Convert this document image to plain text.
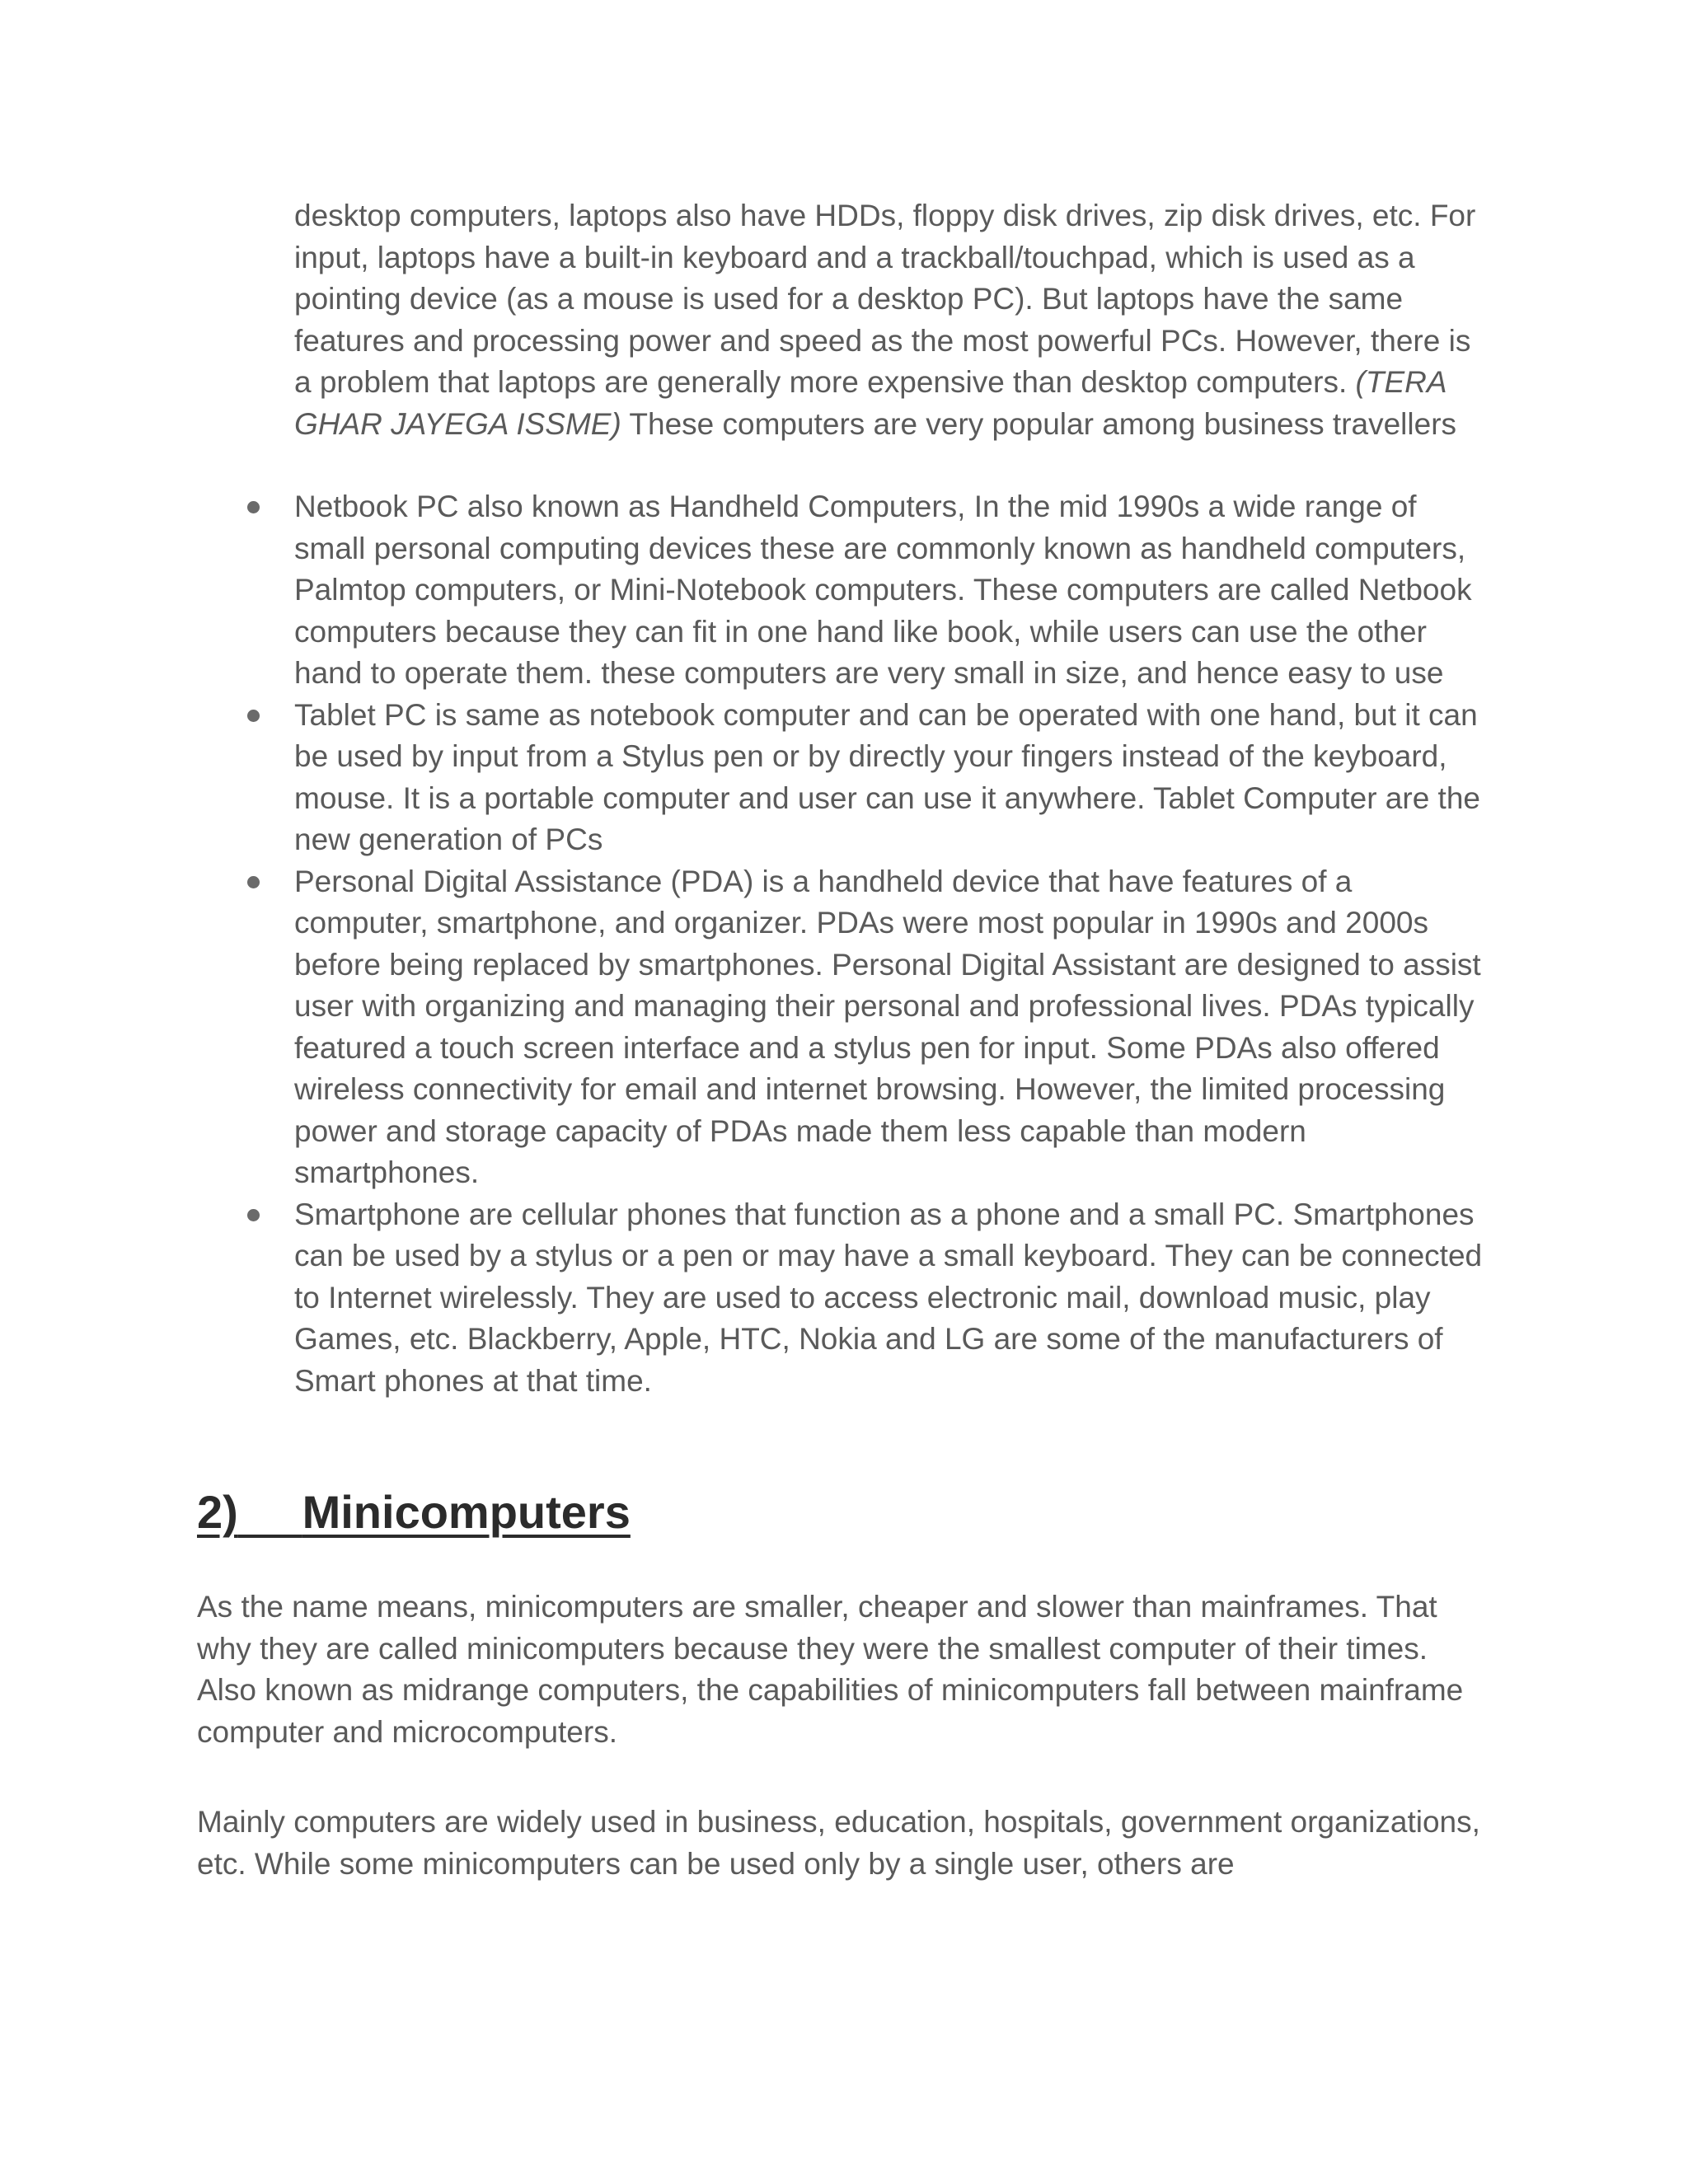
desktop computers, laptops also have HDDs, floppy disk drives, zip disk drives, etc. For input, laptops have a built-in keyboard and a trackball/touchpad, which is used as a pointing device (as a mouse is used for a desktop PC). But laptops have the same features and processing power and speed as the most powerful PCs. However, there is a problem that laptops are generally more expensive than desktop computers. (TERA GHAR JAYEGA ISSME) These computers are very popular among business travellers

Netbook PC also known as Handheld Computers, In the mid 1990s a wide range of small personal computing devices these are commonly known as handheld computers, Palmtop computers, or Mini-Notebook computers. These computers are called Netbook computers because they can fit in one hand like book, while users can use the other hand to operate them. these computers are very small in size, and hence easy to use
Tablet PC is same as notebook computer and can be operated with one hand, but it can be used by input from a Stylus pen or by directly your fingers instead of the keyboard, mouse. It is a portable computer and user can use it anywhere. Tablet Computer are the new generation of PCs
Personal Digital Assistance (PDA) is a handheld device that have features of a computer, smartphone, and organizer. PDAs were most popular in 1990s and 2000s before being replaced by smartphones. Personal Digital Assistant are designed to assist user with organizing and managing their personal and professional lives. PDAs typically featured a touch screen interface and a stylus pen for input. Some PDAs also offered wireless connectivity for email and internet browsing. However, the limited processing power and storage capacity of PDAs made them less capable than modern smartphones.
Smartphone are cellular phones that function as a phone and a small PC. Smartphones can be used by a stylus or a pen or may have a small keyboard. They can be connected to Internet wirelessly. They are used to access electronic mail, download music, play Games, etc. Blackberry, Apple, HTC, Nokia and LG are some of the manufacturers of Smart phones at that time.
2) Minicomputers

As the name means, minicomputers are smaller, cheaper and slower than mainframes. That why they are called minicomputers because they were the smallest computer of their times. Also known as midrange computers, the capabilities of minicomputers fall between mainframe computer and microcomputers.

Mainly computers are widely used in business, education, hospitals, government organizations, etc. While some minicomputers can be used only by a single user, others are
